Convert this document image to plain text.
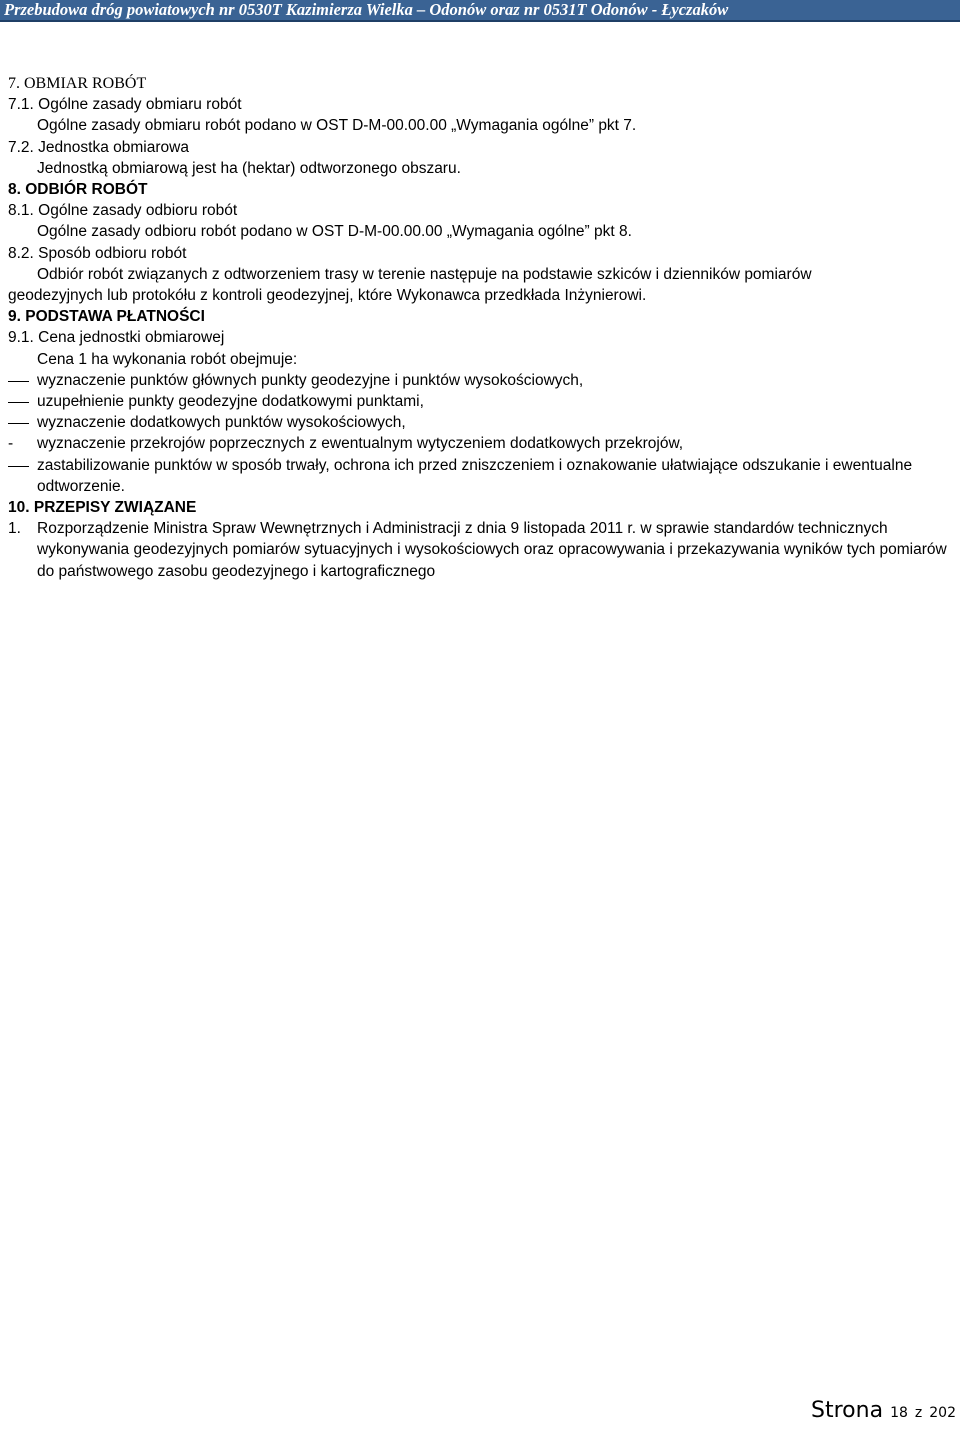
Przebudowa dróg powiatowych nr 0530T Kazimierza Wielka – Odonów oraz nr 0531T Odonów - Łyczaków
7. OBMIAR ROBÓT
7.1. Ogólne zasady obmiaru robót
Ogólne zasady obmiaru robót podano w OST D-M-00.00.00 „Wymagania ogólne” pkt 7.
7.2. Jednostka obmiarowa
Jednostką obmiarową jest ha (hektar) odtworzonego obszaru.
8. ODBIÓR ROBÓT
8.1. Ogólne zasady odbioru robót
Ogólne zasady odbioru robót podano w OST D-M-00.00.00 „Wymagania ogólne” pkt 8.
8.2. Sposób odbioru robót
Odbiór robót związanych z odtworzeniem trasy w terenie następuje na podstawie szkiców i dzienników pomiarów
geodezyjnych lub protokółu z kontroli geodezyjnej, które Wykonawca przedkłada Inżynierowi.
9. PODSTAWA PŁATNOŚCI
9.1. Cena jednostki obmiarowej
Cena 1 ha wykonania robót obejmuje:
wyznaczenie punktów głównych punkty geodezyjne i punktów wysokościowych,
uzupełnienie punkty geodezyjne dodatkowymi punktami,
wyznaczenie dodatkowych punktów wysokościowych,
- wyznaczenie przekrojów poprzecznych z ewentualnym wytyczeniem dodatkowych przekrojów,
zastabilizowanie punktów w sposób trwały, ochrona ich przed zniszczeniem i oznakowanie ułatwiające odszukanie i ewentualne odtworzenie.
10. PRZEPISY ZWIĄZANE
1. Rozporządzenie Ministra Spraw Wewnętrznych i Administracji z dnia 9 listopada 2011 r. w sprawie standardów technicznych wykonywania geodezyjnych pomiarów sytuacyjnych i wysokościowych oraz opracowywania i przekazywania wyników tych pomiarów do państwowego zasobu geodezyjnego i kartograficznego
Strona 18 z 202
